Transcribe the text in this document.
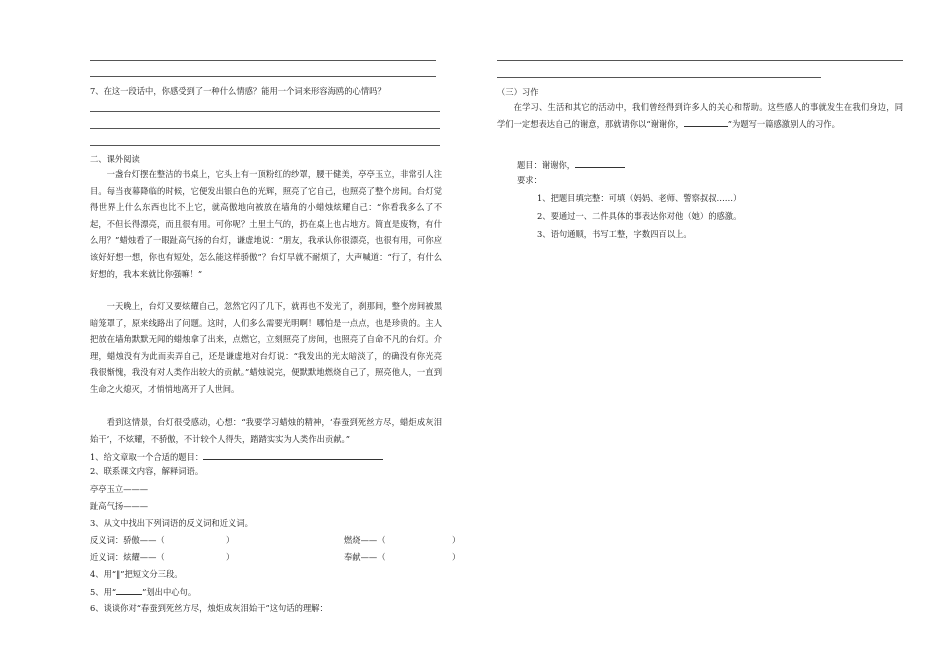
7、在这一段话中，你感受到了一种什么情感？能用一个词来形容海鸥的心情吗？
二、课外阅读
一盏台灯摆在整洁的书桌上，它头上有一顶粉红的纱罩，腰干健美，亭亭玉立，非常引人注目。每当夜幕降临的时候，它便发出银白色的光辉，照亮了它自己，也照亮了整个房间。台灯觉得世界上什么东西也比不上它，就高傲地向被放在墙角的小蜡烛炫耀自己：“你看我多么了不起，不但长得漂亮，而且很有用。可你呢？土里土气的，扔在桌上也占地方。简直是废物，有什么用？”蜡烛看了一眼趾高气扬的台灯，谦虚地说：“朋友，我承认你很漂亮，也很有用，可你应该好好想一想，你也有短处，怎么能这样骄傲”？台灯早就不耐烦了，大声喊道：“行了，有什么好想的，我本来就比你强嘛！”
一天晚上，台灯又要炫耀自己，忽然它闪了几下，就再也不发光了，刹那间，整个房间被黑暗笼罩了，原来线路出了问题。这时，人们多么需要光明啊！哪怕是一点点，也是珍贵的。主人把放在墙角默默无闻的蜡烛拿了出来，点燃它，立刻照亮了房间，也照亮了自命不凡的台灯。介理，蜡烛没有为此而卖弄自己，还是谦虚地对台灯说：“我发出的光太暗淡了，的确没有你光亮我很惭愧，我没有对人类作出较大的贡献。”蜡烛说完，便默默地燃烧自己了，照亮他人，一直到生命之火熄灭，才悄悄地离开了人世间。
看到这情景，台灯很受感动，心想：“我要学习蜡烛的精神，‘春蚕到死丝方尽，蜡炬成灰泪始干’，不炫耀，不骄傲，不计较个人得失，踏踏实实为人类作出贡献。”
1、给文章取一个合适的题目：
2、联系课文内容，解释词语。
亭亭玉立———
趾高气扬———
3、从文中找出下列词语的反义词和近义词。
反义词：骄傲——（	）	燃烧——（	）
近义词：炫耀——（	）	奉献——（	）
4、用“‖”把短文分三段。
5、用“	”划出中心句。
6、谈谈你对“春蚕到死丝方尽，烛炬成灰泪始干”这句话的理解：
（三）习作
在学习、生活和其它的活动中，我们曾经得到许多人的关心和帮助。这些感人的事就发生在我们身边，同学们一定想表达自己的谢意，那就请你以“谢谢你，	”为题写一篇感激别人的习作。
题目：谢谢你，
要求：
1、把题目填完整：可填（妈妈、老师、警察叔叔……）
2、要通过一、二件具体的事表达你对他（她）的感激。
3、语句通顺，书写工整，字数四百以上。
